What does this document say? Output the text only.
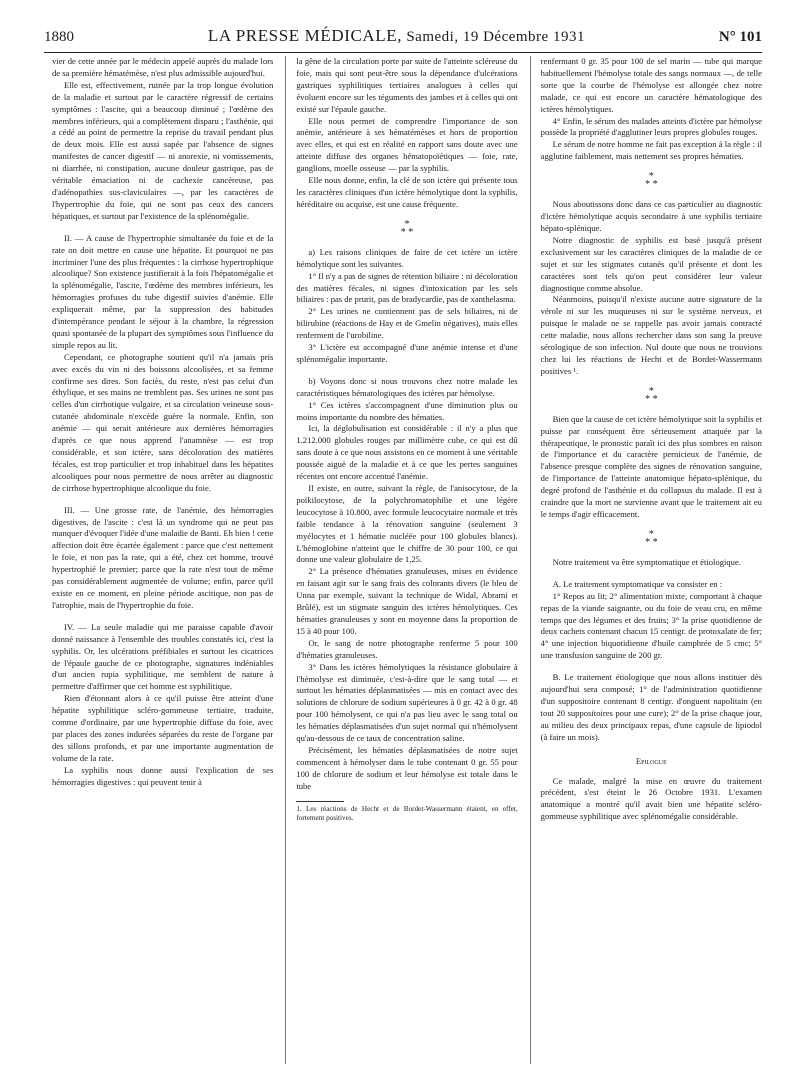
1880	LA PRESSE MÉDICALE, Samedi, 19 Décembre 1931	N° 101

vier de cette année par le médecin appelé auprès du malade lors de sa première hématémèse, n'est plus admissible aujourd'hui.

Elle est, effectivement, ruinée par la trop longue évolution de la maladie et surtout par le caractère régressif de certains symptômes : l'ascite, qui a beaucoup diminué ; l'œdème des membres inférieurs, qui a complètement disparu ; l'asthénie, qui a cédé au point de permettre la reprise du travail pendant plus de deux mois. Elle est aussi sapée par l'absence de signes manifestes de cancer digestif — ni anorexie, ni vomissements, ni diarrhée, ni constipation, aucune douleur gastrique, pas de véritable émaciation ni de cachexie cancéreuse, pas d'adénopathies sus-claviculaires —, par les caractères de l'hypertrophie du foie, qui ne sont pas ceux des cancers hépatiques, et surtout par l'existence de la splénomégalie.

II. — A cause de l'hypertrophie simultanée du foie et de la rate on doit mettre en cause une hépatite. Et pourquoi ne pas incriminer l'une des plus fréquentes : la cirrhose hypertrophique alcoolique? Son existence justifierait à la fois l'hépatomégalie et la splénomégalie, l'ascite, l'œdème des membres inférieurs, les hémorragies profuses du tube digestif suivies d'anémie. Elle expliquerait même, par la suppression des habitudes d'intempérance pendant le séjour à la chambre, la régression quasi spontanée de la plupart des symptômes sous l'influence du simple repos au lit.

Cependant, ce photographe soutient qu'il n'a jamais pris avec excès du vin ni des boissons alcoolisées, et sa femme confirme ses dires. Son faciès, du reste, n'est pas celui d'un éthylique, et ses mains ne tremblent pas. Ses urines ne sont pas celles d'un cirrhotique vulgaire, et sa circulation veineuse sous-cutanée abdominale n'excède guère la normale. Enfin, son anémie — qui serait antérieure aux dernières hémorragies d'après ce que nous apprend l'anamnèse — est trop considérable, et son ictère, sans décoloration des matières fécales, est trop particulier et trop inhabituel dans les hépatites alcooliques pour nous permettre de nous arrêter au diagnostic de cirrhose hypertrophique alcoolique du foie.

III. — Une grosse rate, de l'anémie, des hémorragies digestives, de l'ascite : c'est là un syndrome qui ne peut pas manquer d'évoquer l'idée d'une maladie de Banti. Eh bien ! cette affection doit être écartée également : parce que c'est nettement le foie, et non pas la rate, qui a été, chez cet homme, trouvé hypertrophié le premier; parce que la rate n'est tout de même pas considérablement augmentée de volume; enfin, parce qu'il existe en ce moment, en pleine période ascitique, non pas de l'atrophie, mais de l'hypertrophie du foie.

IV. — La seule maladie qui me paraisse capable d'avoir donné naissance à l'ensemble des troubles constatés ici, c'est la syphilis. Or, les ulcérations préfibiales et surtout les cicatrices de l'épaule gauche de ce photographe, signatures indéniables d'un ancien rupia syphilitique, me semblent de nature à permettre d'affirmer que cet homme est syphilitique.

Rien d'étonnant alors à ce qu'il puisse être atteint d'une hépatite syphilitique scléro-gommeuse tertiaire, traduite, comme d'ordinaire, par une hypertrophie diffuse du foie, avec par places des zones indurées séparées du reste de l'organe par des sillons profonds, et par une importante augmentation de volume de la rate.

La syphilis nous donne aussi l'explication de ses hémorragies digestives : qui peuvent tenir à

la gêne de la circulation porte par suite de l'atteinte scléreuse du foie, mais qui sont peut-être sous la dépendance d'ulcérations gastriques syphilitiques tertiaires analogues à celles qui évoluent encore sur les téguments des jambes et à celles qui ont existé sur l'épaule gauche.

Elle nous permet de comprendre l'importance de son anémie, antérieure à ses hématémèses et hors de proportion avec elles, et qui est en réalité en rapport sans doute avec une atteinte diffuse des organes hématopoïétiques — foie, rate, ganglions, moelle osseuse — par la syphilis.

Elle nous donne, enfin, la clé de son ictère qui présente tous les caractères cliniques d'un ictère hémolytique dont la syphilis, héréditaire ou acquise, est une cause fréquente.

*
* *

a) Les raisons cliniques de faire de cet ictère un ictère hémolytique sont les suivantes.

1° Il n'y a pas de signes de rétention biliaire : ni décoloration des matières fécales, ni signes d'intoxication par les sels biliaires : pas de prurit, pas de bradycardie, pas de xanthelasma.

2° Les urines ne contiennent pas de sels biliaires, ni de bilirubine (réactions de Hay et de Gmelin négatives), mais elles renferment de l'urobiline.

3° L'ictère est accompagné d'une anémie intense et d'une splénomégalie importante.

b) Voyons donc si nous trouvons chez notre malade les caractéristiques hématologiques des ictères par hémolyse.

1° Ces ictères s'accompagnent d'une diminution plus ou moins importante du nombre des hématies.

Ici, la déglobulisation est considérable : il n'y a plus que 1.212.000 globules rouges par millimètre cube, ce qui est dû sans doute à ce que nous assistons en ce moment à une véritable poussée aiguë de la maladie et à ce que les pertes sanguines récentes ont encore accentué l'anémie.

Il existe, en outre, suivant la règle, de l'anisocytose, de la poïkilocytose, de la polychromatophilie et une légère leucocytose à 10.800, avec formule leucocytaire normale et très faible tendance à la rénovation sanguine (seulement 3 myélocytes et 1 hématie nucléée pour 100 globules blancs). L'hémoglobine n'atteint que le chiffre de 30 pour 100, ce qui donne une valeur globulaire de 1,25.

2° La présence d'hématies granuleuses, mises en évidence en faisant agir sur le sang frais des colorants divers (le bleu de Unna par exemple, suivant la technique de Widal, Abrami et Brûlé), est un stigmate sanguin des ictères hémolytiques. Ces hématies granuleuses y sont en moyenne dans la proportion de 15 à 40 pour 100.

Or, le sang de notre photographe renferme 5 pour 100 d'hématies granuleuses.

3° Dans les ictères hémolytiques la résistance globulaire à l'hémolyse est diminuée, c'est-à-dire que le sang total — et surtout les hématies déplasmatisées — mis en contact avec des solutions de chlorure de sodium supérieures à 0 gr. 42 à 0 gr. 48 pour 100 hémolysent, ce qui n'a pas lieu avec le sang total ou les hématies déplasmatisées d'un sujet normal qui n'hémolysent qu'au-dessous de ce taux de concentration saline.

Précisément, les hématies déplasmatisées de notre sujet commencent à hémolyser dans le tube contenant 0 gr. 55 pour 100 de chlorure de sodium et leur hémolyse est totale dans le tube

1. Les réactions de Hecht et de Bordet-Wassermann étaient, en effet, fortement positives.

renfermant 0 gr. 35 pour 100 de sel marin — tube qui marque habituellement l'hémolyse totale des sangs normaux —, de telle sorte que la courbe de l'hémolyse est allongée chez notre malade, ce qui est encore un caractère hématologique des ictères hémolytiques.

4° Enfin, le sérum des malades atteints d'ictère par hémolyse possède la propriété d'agglutiner leurs propres globules rouges.

Le sérum de notre homme ne fait pas exception à la règle : il agglutine faiblement, mais nettement ses propres hématies.

*
* *

Nous aboutissons donc dans ce cas particulier au diagnostic d'ictère hémolytique acquis secondaire à une syphilis tertiaire hépato-splénique.

Notre diagnostic de syphilis est basé jusqu'à présent exclusivement sur les caractères cliniques de la maladie de ce sujet et sur les stigmates cutanés qu'il présente et dont les caractères sont tels qu'on peut considérer leur valeur diagnostique comme absolue.

Néanmoins, puisqu'il n'existe aucune autre signature de la vérole ni sur les muqueuses ni sur le système nerveux, et puisque le malade ne se rappelle pas avoir jamais contracté cette maladie, nous allons rechercher dans son sang la preuve sérologique de son infection. Nul doute que nous ne trouvions chez lui les réactions de Hecht et de Bordet-Wassermann positives ¹.

*
* *

Bien que la cause de cet ictère hémolytique soit la syphilis et puisse par conséquent être sérieusement attaquée par la thérapeutique, le pronostic paraît ici des plus sombres en raison de l'importance et du caractère pernicieux de l'anémie, de l'absence presque complète des signes de rénovation sanguine, de l'importance de l'atteinte anatomique hépato-splénique, du degré profond de l'asthénie et du collapsus du malade. Il est à craindre que la mort ne survienne avant que le traitement ait eu le temps d'agir efficacement.

*
* *

Notre traitement va être symptomatique et étiologique.

A. Le traitement symptomatique va consister en :

1° Repos au lit; 2° alimentation mixte, comportant à chaque repas de la viande saignante, ou du foie de veau cru, en même temps que des légumes et des fruits; 3° la prise quotidienne de deux cachets contenant chacun 15 centigr. de protoxalate de fer; 4° une injection biquotidienne d'huile camphrée de 5 cmc; 5° une transfusion sanguine de 200 gr.

B. Le traitement étiologique que nous allons instituer dès aujourd'hui sera composé; 1° de l'administration quotidienne d'un suppositoire contenant 8 centigr. d'onguent napolitain (en tout 20 suppositoires pour une cure); 2° de la prise chaque jour, au milieu des deux principaux repas, d'une capsule de lipiodol (à faire un mois).

Epilogue

Ce malade, malgré la mise en œuvre du traitement précédent, s'est éteint le 26 Octobre 1931. L'examen anatomique a montré qu'il avait bien une hépatite scléro-gommeuse syphilitique avec splénomégalie considérable.
